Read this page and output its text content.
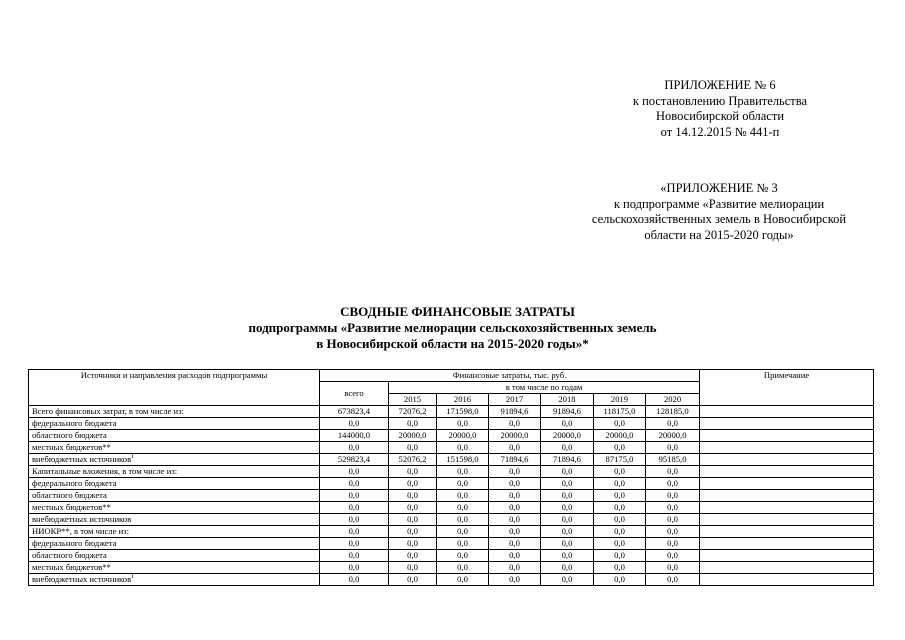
ПРИЛОЖЕНИЕ № 6
к постановлению Правительства
Новосибирской области
от 14.12.2015 № 441-п
«ПРИЛОЖЕНИЕ № 3
к подпрограмме «Развитие мелиорации
сельскохозяйственных земель в Новосибирской
области на 2015-2020 годы»
СВОДНЫЕ ФИНАНСОВЫЕ ЗАТРАТЫ
подпрограммы «Развитие мелиорации сельскохозяйственных земель
в Новосибирской области на 2015-2020 годы»*
Источники и направления расходов подпрограммы	Финансовые затраты, тыс. руб.							Примечание
	всего	в том числе по годам						
		2015	2016	2017	2018	2019	2020	
Всего финансовых затрат, в том числе из:	673823,4	72076,2	171598,0	91894,6	91894,6	118175,0	128185,0	
федерального бюджета	0,0	0,0	0,0	0,0	0,0	0,0	0,0	
областного бюджета	144000,0	20000,0	20000,0	20000,0	20000,0	20000,0	20000,0	
местных бюджетов**	0,0	0,0	0,0	0,0	0,0	0,0	0,0	
внебюджетных источников$^1$	529823,4	52076,2	151598,0	71894,6	71894,6	87175,0	95185,0	
Капитальные вложения, в том числе из:	0,0	0,0	0,0	0,0	0,0	0,0	0,0	
федерального бюджета	0,0	0,0	0,0	0,0	0,0	0,0	0,0	
областного бюджета	0,0	0,0	0,0	0,0	0,0	0,0	0,0	
местных бюджетов**	0,0	0,0	0,0	0,0	0,0	0,0	0,0	
внебюджетных источников	0,0	0,0	0,0	0,0	0,0	0,0	0,0	
НИОКР**, в том числе из:	0,0	0,0	0,0	0,0	0,0	0,0	0,0	
федерального бюджета	0,0	0,0	0,0	0,0	0,0	0,0	0,0	
областного бюджета	0,0	0,0	0,0	0,0	0,0	0,0	0,0	
местных бюджетов**	0,0	0,0	0,0	0,0	0,0	0,0	0,0	
внебюджетных источников$^1$	0,0	0,0	0,0	0,0	0,0	0,0	0,0	
